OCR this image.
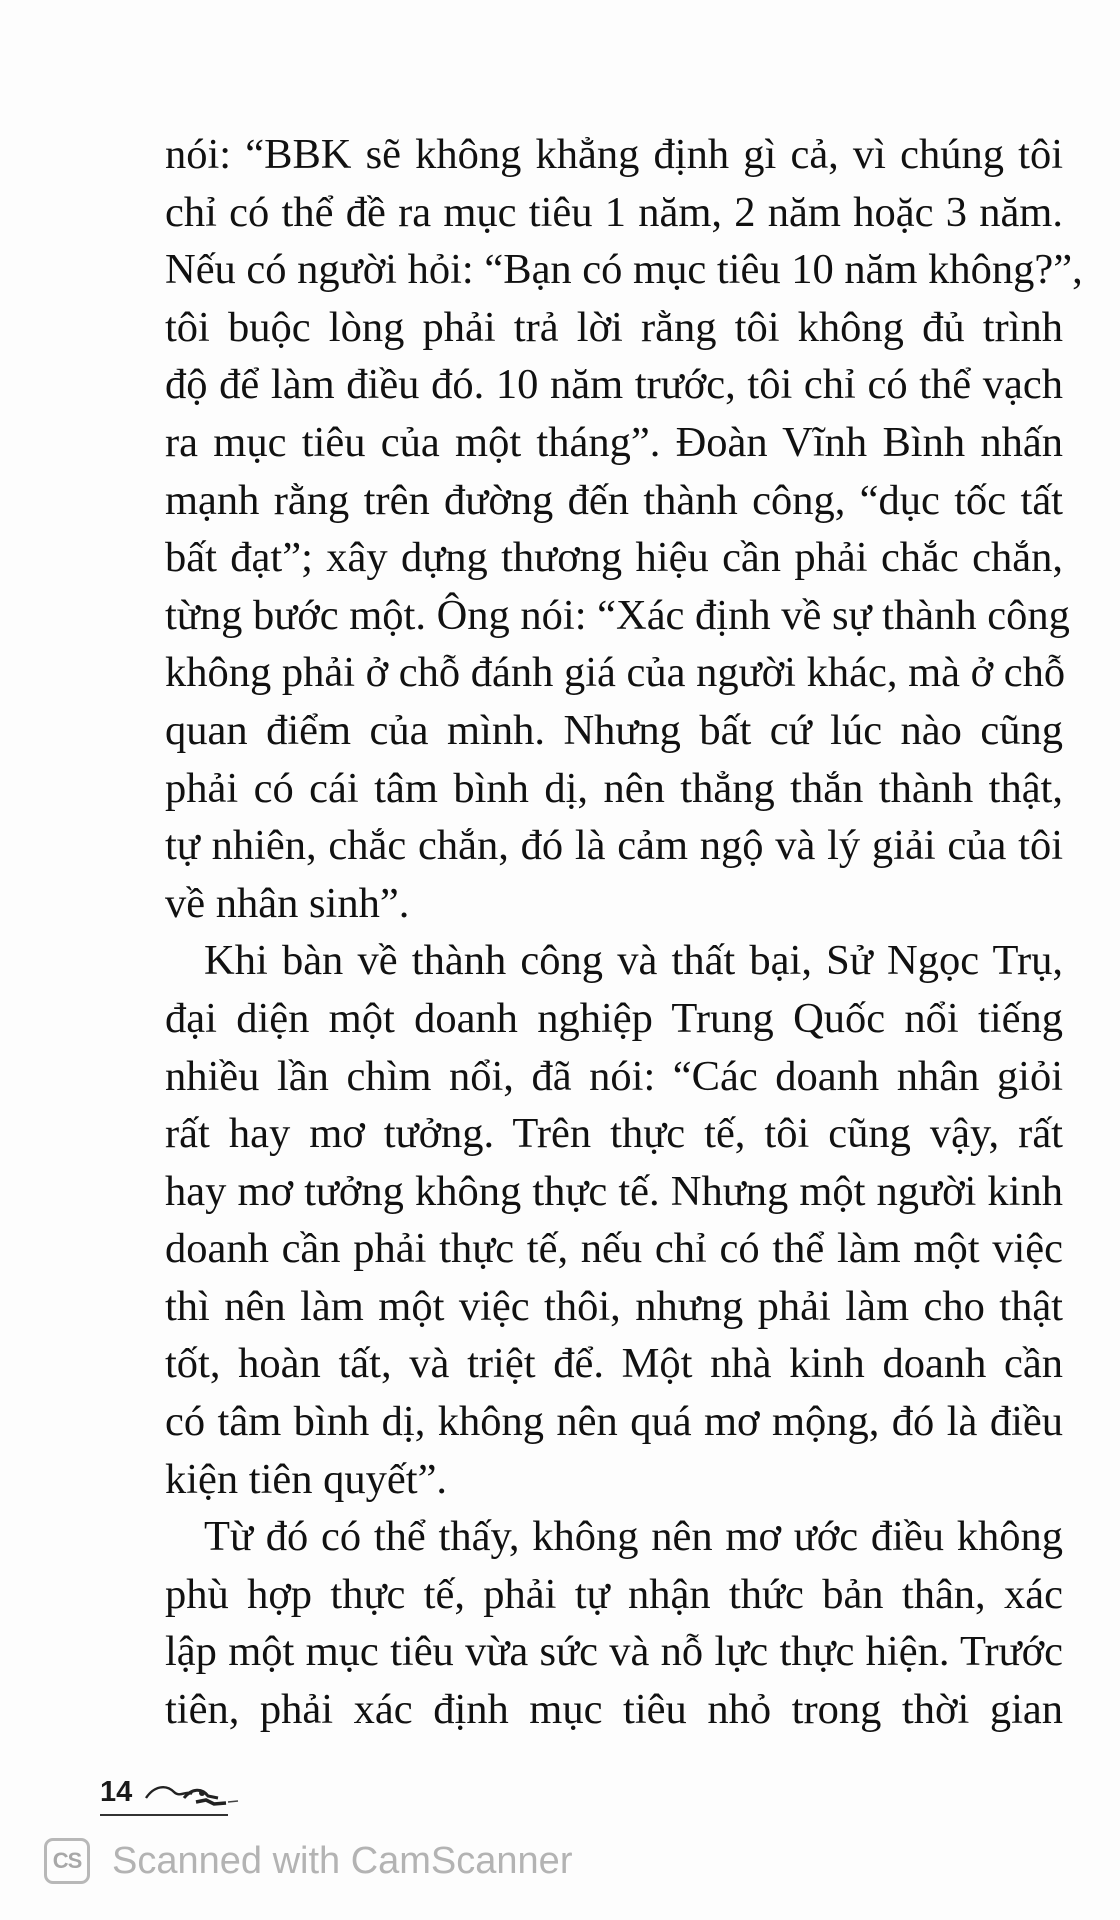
nói: “BBK sẽ không khẳng định gì cả, vì chúng tôi
chỉ có thể đề ra mục tiêu 1 năm, 2 năm hoặc 3 năm.
Nếu có người hỏi: “Bạn có mục tiêu 10 năm không?”,
tôi buộc lòng phải trả lời rằng tôi không đủ trình
độ để làm điều đó. 10 năm trước, tôi chỉ có thể vạch
ra mục tiêu của một tháng”. Đoàn Vĩnh Bình nhấn
mạnh rằng trên đường đến thành công, “dục tốc tất
bất đạt”; xây dựng thương hiệu cần phải chắc chắn,
từng bước một. Ông nói: “Xác định về sự thành công
không phải ở chỗ đánh giá của người khác, mà ở chỗ
quan điểm của mình. Nhưng bất cứ lúc nào cũng
phải có cái tâm bình dị, nên thẳng thắn thành thật,
tự nhiên, chắc chắn, đó là cảm ngộ và lý giải của tôi
về nhân sinh”.
Khi bàn về thành công và thất bại, Sử Ngọc Trụ,
đại diện một doanh nghiệp Trung Quốc nổi tiếng
nhiều lần chìm nổi, đã nói: “Các doanh nhân giỏi
rất hay mơ tưởng. Trên thực tế, tôi cũng vậy, rất
hay mơ tưởng không thực tế. Nhưng một người kinh
doanh cần phải thực tế, nếu chỉ có thể làm một việc
thì nên làm một việc thôi, nhưng phải làm cho thật
tốt, hoàn tất, và triệt để. Một nhà kinh doanh cần
có tâm bình dị, không nên quá mơ mộng, đó là điều
kiện tiên quyết”.
Từ đó có thể thấy, không nên mơ ước điều không
phù hợp thực tế, phải tự nhận thức bản thân, xác
lập một mục tiêu vừa sức và nỗ lực thực hiện. Trước
tiên, phải xác định mục tiêu nhỏ trong thời gian
14
CS Scanned with CamScanner
